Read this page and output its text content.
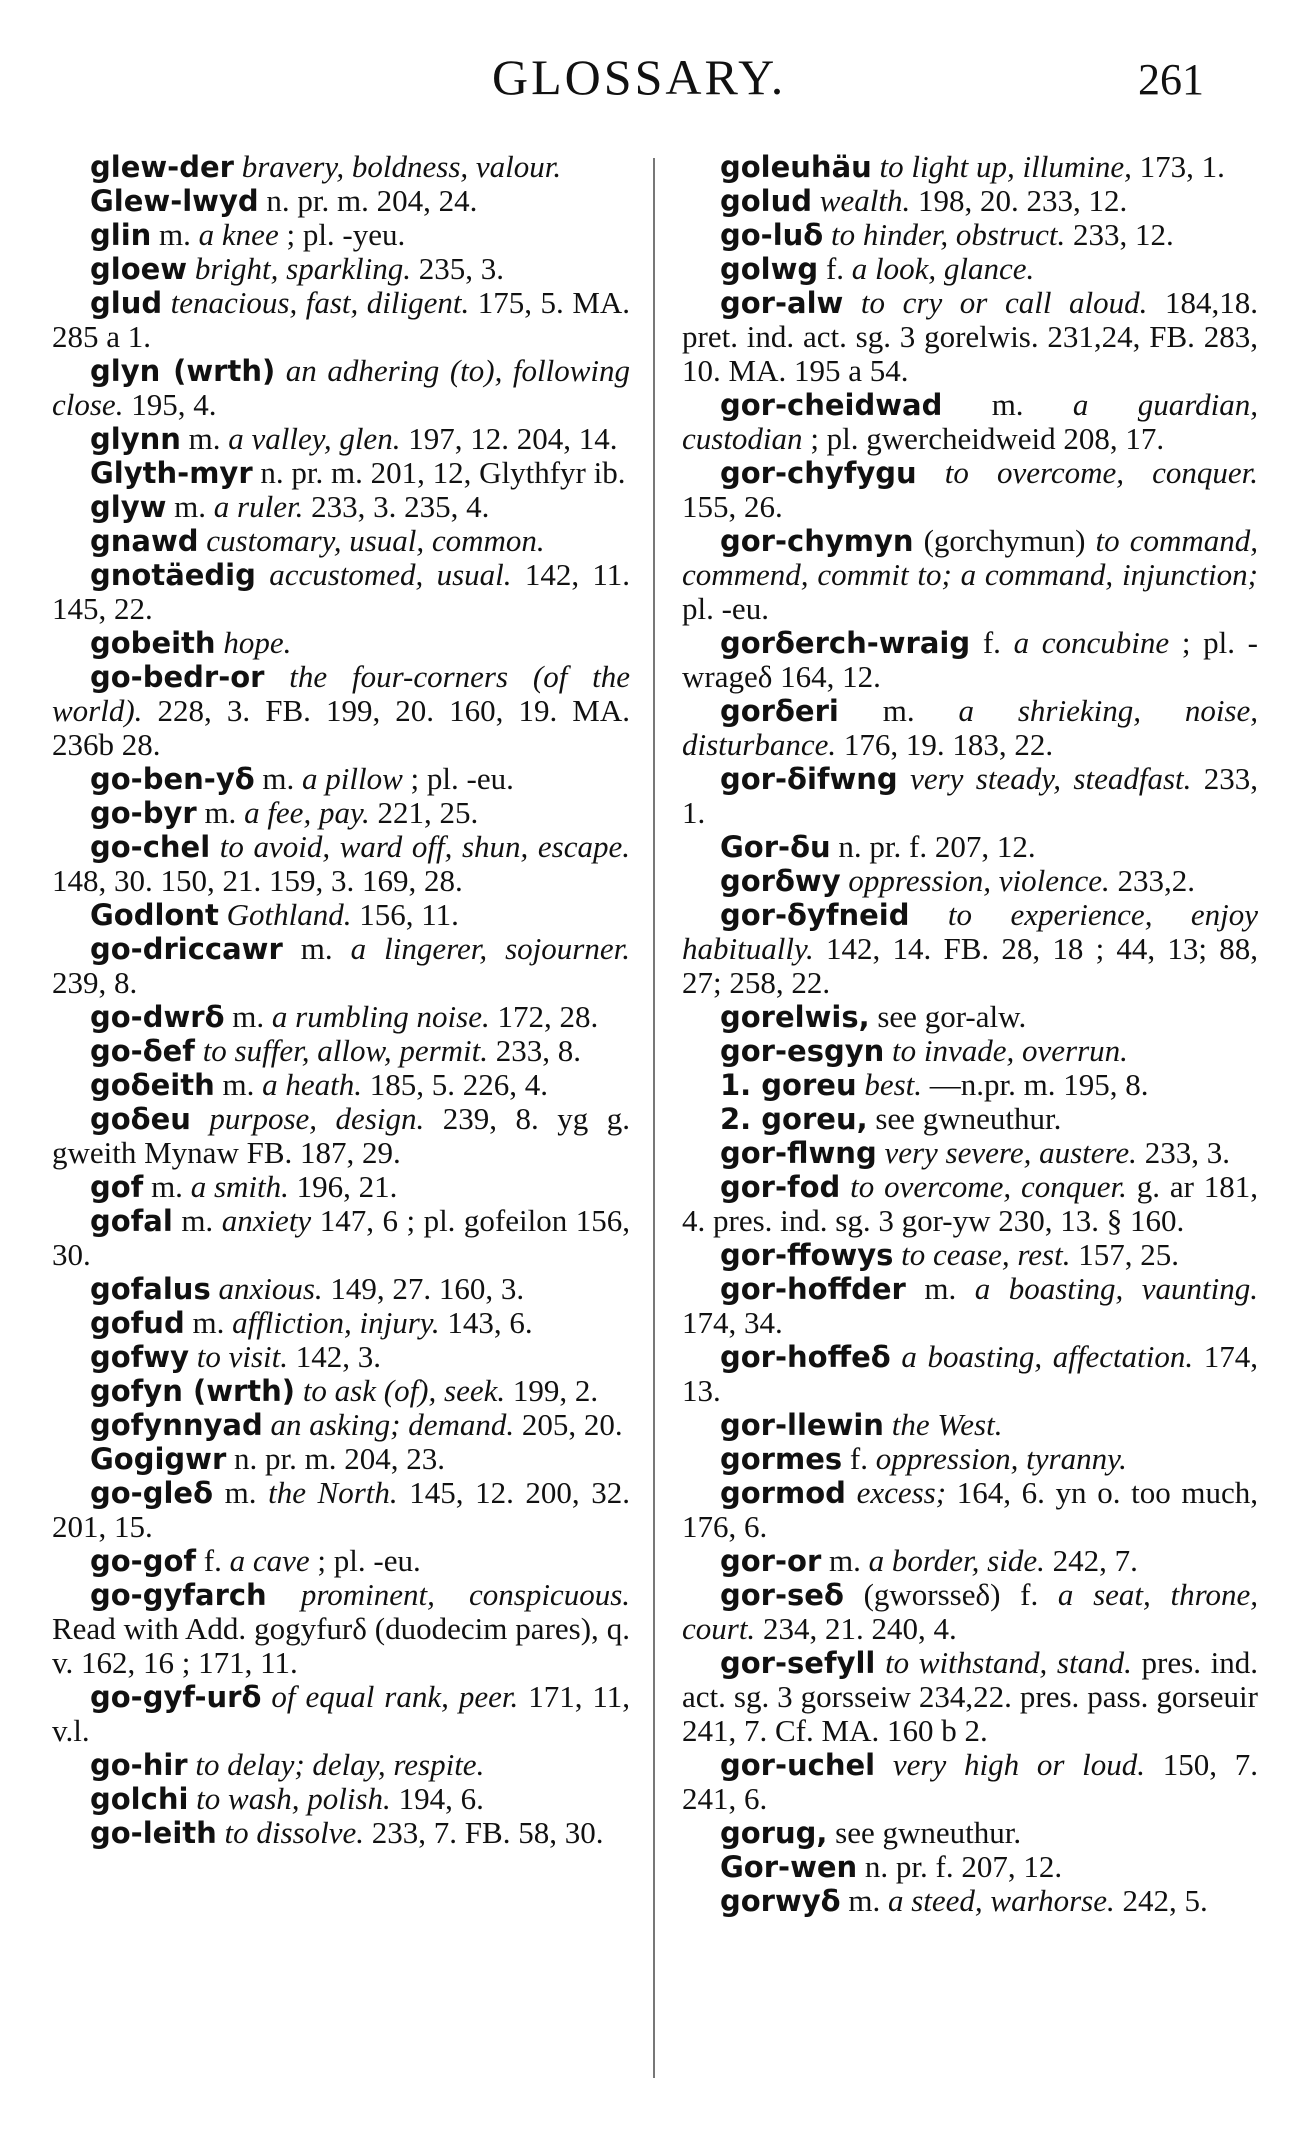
GLOSSARY.	261

glew-der bravery, boldness, valour.

Glew-lwyd n. pr. m. 204, 24.

glin m. a knee ; pl. -yeu.

gloew bright, sparkling. 235, 3.

glud tenacious, fast, diligent. 175, 5. MA. 285 a 1.

glyn (wrth) an adhering (to), following close. 195, 4.

glynn m. a valley, glen. 197, 12. 204, 14.

Glyth-myr n. pr. m. 201, 12, Glythfyr ib.

glyw m. a ruler. 233, 3. 235, 4.

gnawd customary, usual, common.

gnotäedig accustomed, usual. 142, 11. 145, 22.

gobeith hope.

go-bedr-or the four-corners (of the world). 228, 3. FB. 199, 20. 160, 19. MA. 236b 28.

go-ben-yδ m. a pillow ; pl. -eu.

go-byr m. a fee, pay. 221, 25.

go-chel to avoid, ward off, shun, escape. 148, 30. 150, 21. 159, 3. 169, 28.

Godlont Gothland. 156, 11.

go-driccawr m. a lingerer, sojourner. 239, 8.

go-dwrδ m. a rumbling noise. 172, 28.

go-δef to suffer, allow, permit. 233, 8.

goδeith m. a heath. 185, 5. 226, 4.

goδeu purpose, design. 239, 8. yg g. gweith Mynaw FB. 187, 29.

gof m. a smith. 196, 21.

gofal m. anxiety 147, 6 ; pl. gofeilon 156, 30.

gofalus anxious. 149, 27. 160, 3.

gofud m. affliction, injury. 143, 6.

gofwy to visit. 142, 3.

gofyn (wrth) to ask (of), seek. 199, 2.

gofynnyad an asking; demand. 205, 20.

Gogigwr n. pr. m. 204, 23.

go-gleδ m. the North. 145, 12. 200, 32. 201, 15.

go-gof f. a cave ; pl. -eu.

go-gyfarch prominent, conspicuous. Read with Add. gogyfurδ (duodecim pares), q. v. 162, 16 ; 171, 11.

go-gyf-urδ of equal rank, peer. 171, 11, v.l.

go-hir to delay; delay, respite.

golchi to wash, polish. 194, 6.

go-leith to dissolve. 233, 7. FB. 58, 30.

goleuhäu to light up, illumine, 173, 1.

golud wealth. 198, 20. 233, 12.

go-luδ to hinder, obstruct. 233, 12.

golwg f. a look, glance.

gor-alw to cry or call aloud. 184,18. pret. ind. act. sg. 3 gorelwis. 231,24, FB. 283, 10. MA. 195 a 54.

gor-cheidwad m. a guardian, custodian ; pl. gwercheidweid 208, 17.

gor-chyfygu to overcome, conquer. 155, 26.

gor-chymyn (gorchymun) to command, commend, commit to; a command, injunction; pl. -eu.

gorδerch-wraig f. a concubine ; pl. -wrageδ 164, 12.

gorδeri m. a shrieking, noise, disturbance. 176, 19. 183, 22.

gor-δifwng very steady, steadfast. 233, 1.

Gor-δu n. pr. f. 207, 12.

gorδwy oppression, violence. 233,2.

gor-δyfneid to experience, enjoy habitually. 142, 14. FB. 28, 18 ; 44, 13; 88, 27; 258, 22.

gorelwis, see gor-alw.

gor-esgyn to invade, overrun.

1. goreu best. —n.pr. m. 195, 8.

2. goreu, see gwneuthur.

gor-flwng very severe, austere. 233, 3.

gor-fod to overcome, conquer. g. ar 181, 4. pres. ind. sg. 3 gor-yw 230, 13. § 160.

gor-ffowys to cease, rest. 157, 25.

gor-hoffder m. a boasting, vaunting. 174, 34.

gor-hoffeδ a boasting, affectation. 174, 13.

gor-llewin the West.

gormes f. oppression, tyranny.

gormod excess; 164, 6. yn o. too much, 176, 6.

gor-or m. a border, side. 242, 7.

gor-seδ (gworsseδ) f. a seat, throne, court. 234, 21. 240, 4.

gor-sefyll to withstand, stand. pres. ind. act. sg. 3 gorsseiw 234,22. pres. pass. gorseuir 241, 7. Cf. MA. 160 b 2.

gor-uchel very high or loud. 150, 7. 241, 6.

gorug, see gwneuthur.

Gor-wen n. pr. f. 207, 12.

gorwyδ m. a steed, warhorse. 242, 5.
